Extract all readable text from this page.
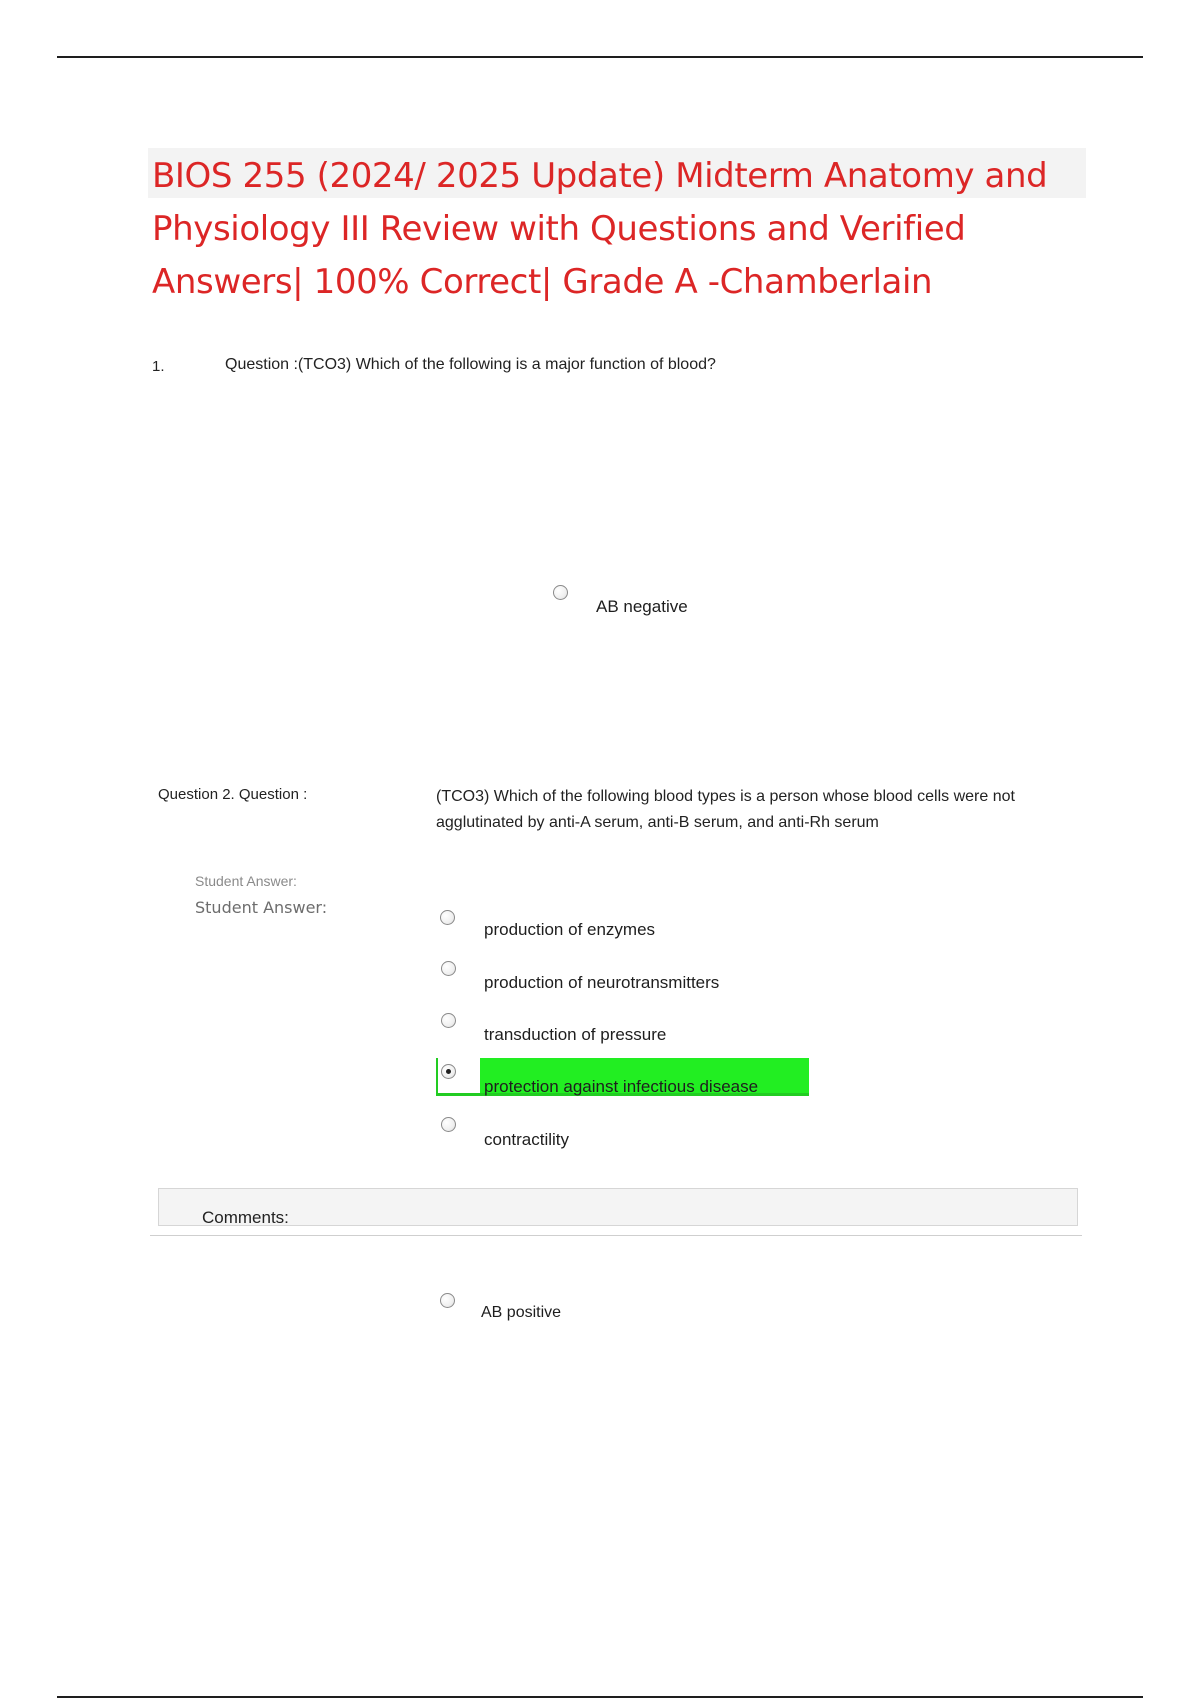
BIOS 255 (2024/ 2025 Update) Midterm Anatomy and Physiology III Review with Questions and Verified Answers| 100% Correct| Grade A -Chamberlain
1.	Question :(TCO3) Which of the following is a major function of blood?
AB negative
Question 2. Question :	(TCO3) Which of the following blood types is a person whose blood cells were not agglutinated by anti-A serum, anti-B serum, and anti-Rh serum
Student Answer:
Student Answer:
production of enzymes
production of neurotransmitters
transduction of pressure
protection against infectious disease
contractility
Comments:
AB positive
